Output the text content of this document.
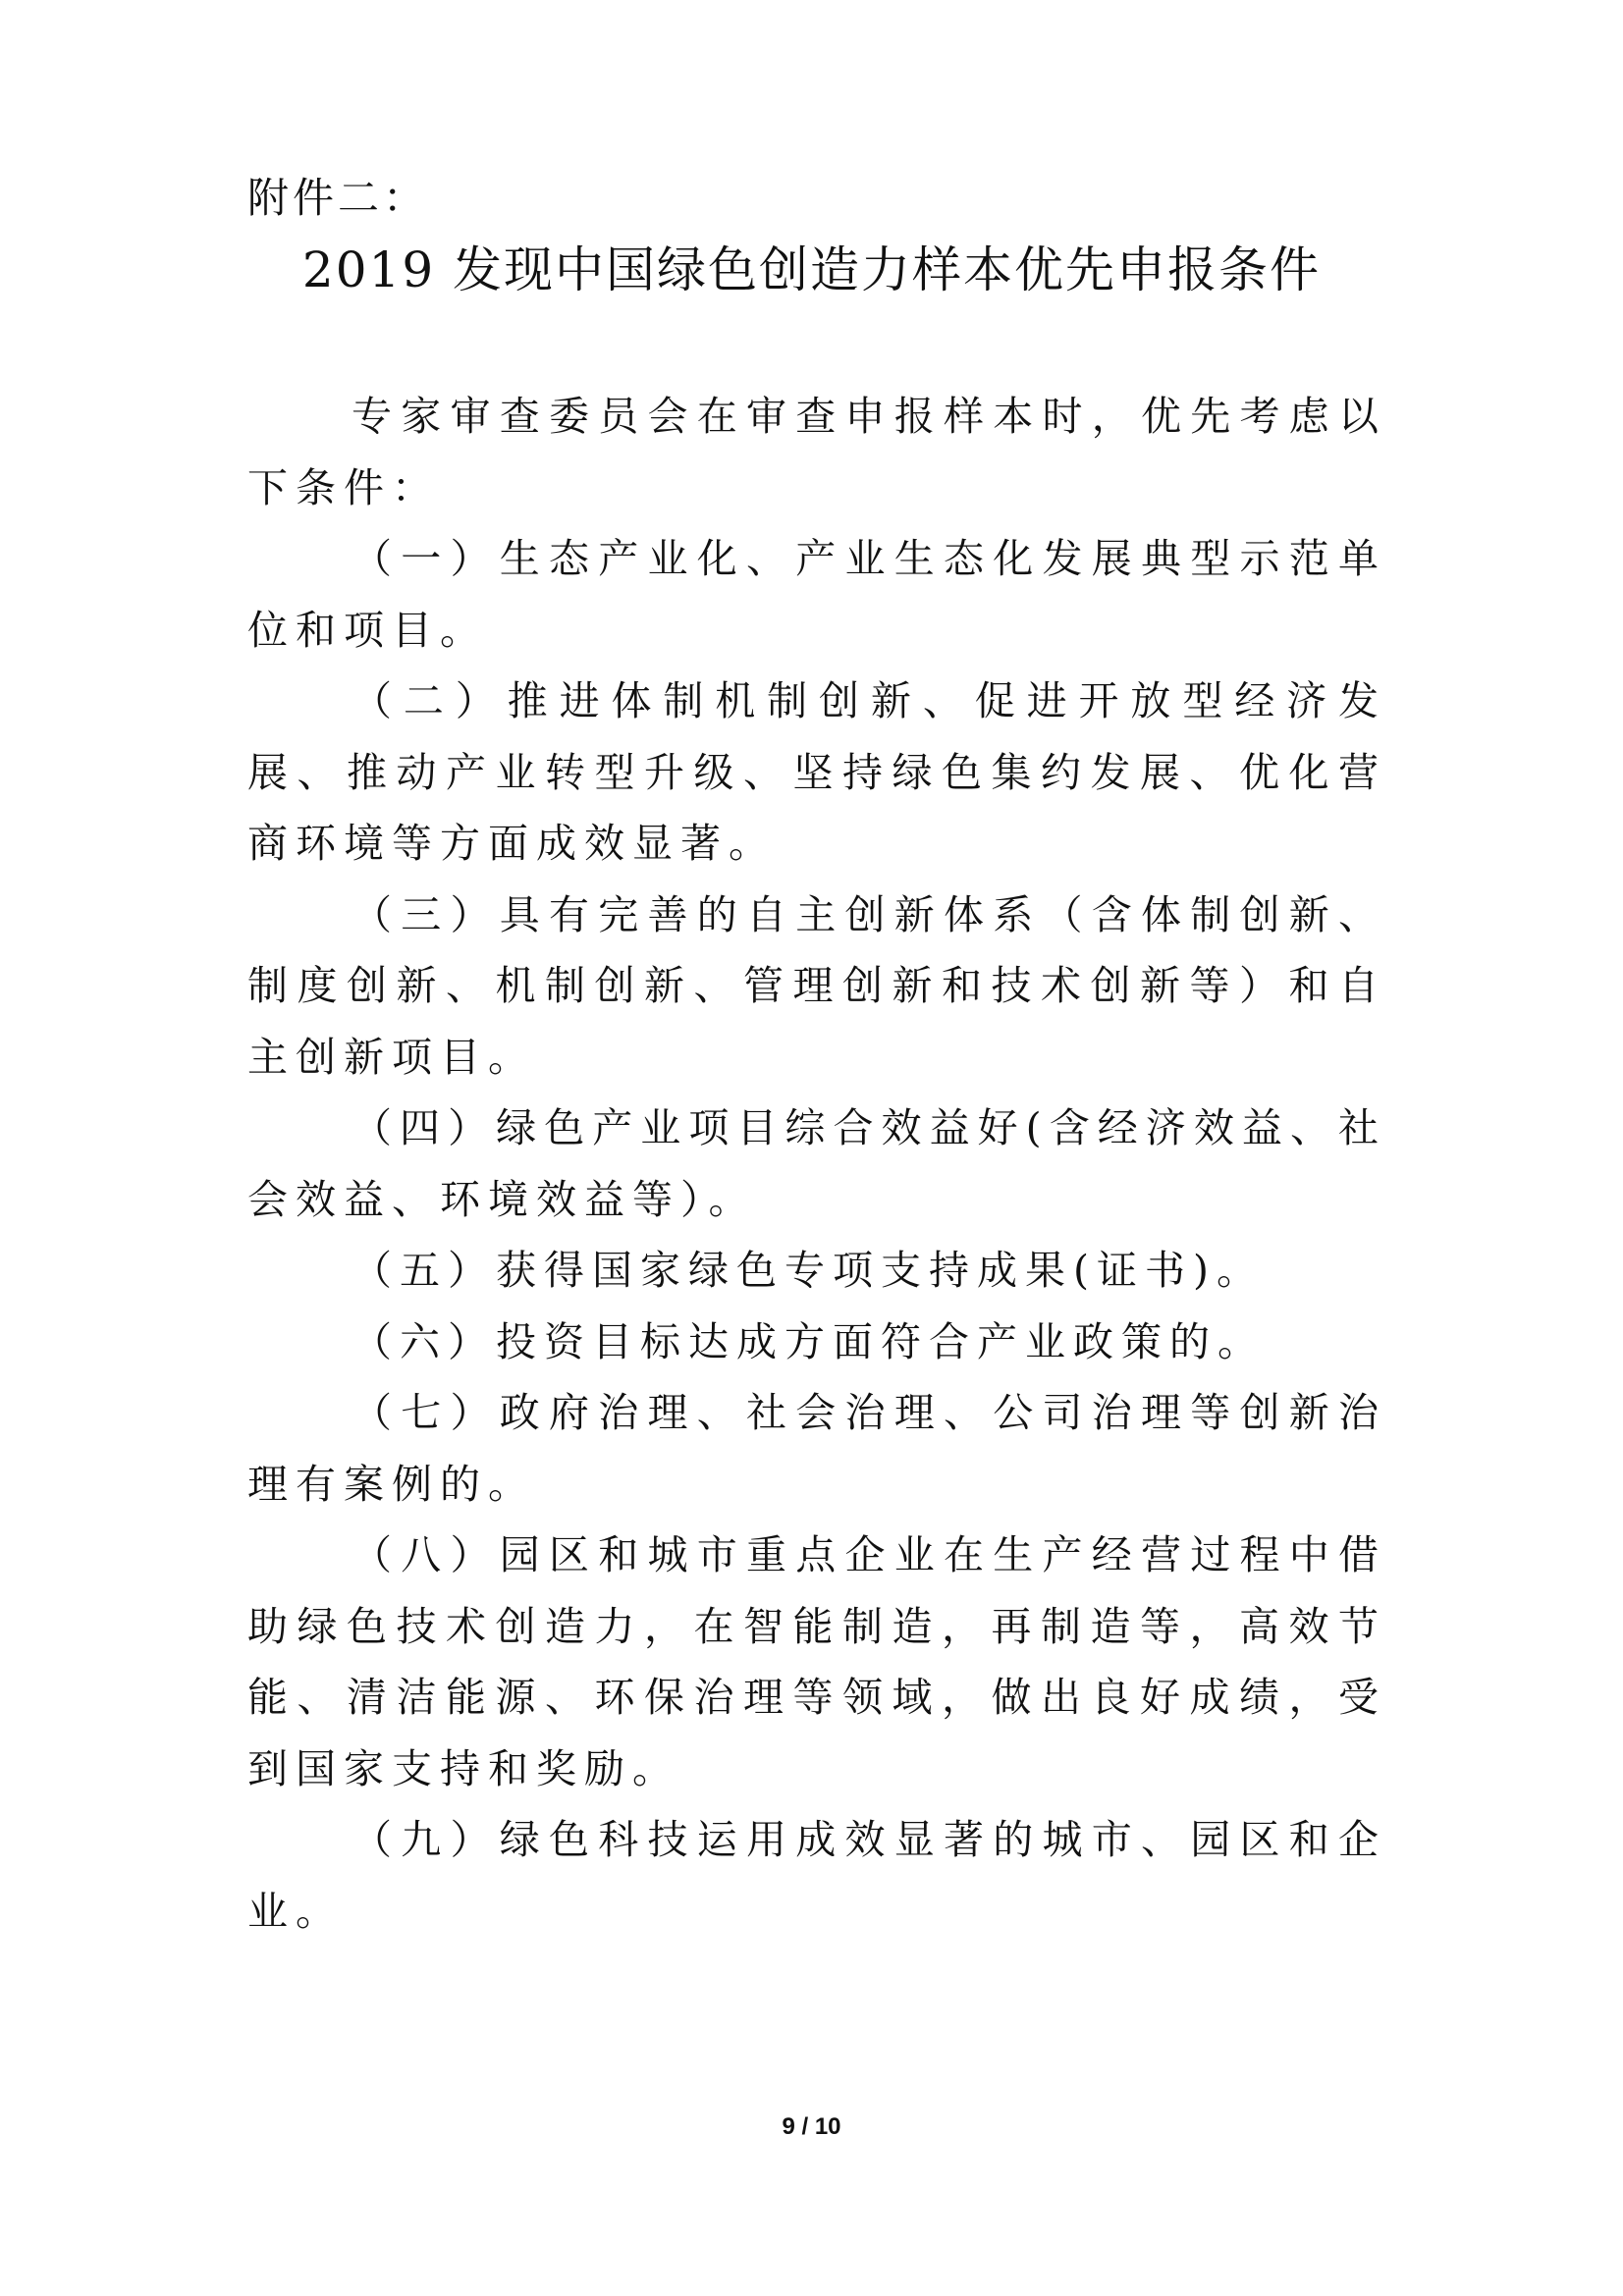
附件二：
2019 发现中国绿色创造力样本优先申报条件

专家审查委员会在审查申报样本时，优先考虑以下条件：

（一）生态产业化、产业生态化发展典型示范单位和项目。

（二）推进体制机制创新、促进开放型经济发展、推动产业转型升级、坚持绿色集约发展、优化营商环境等方面成效显著。

（三）具有完善的自主创新体系（含体制创新、制度创新、机制创新、管理创新和技术创新等）和自主创新项目。

（四）绿色产业项目综合效益好(含经济效益、社会效益、环境效益等）。

（五）获得国家绿色专项支持成果(证书)。

（六）投资目标达成方面符合产业政策的。

（七）政府治理、社会治理、公司治理等创新治理有案例的。

（八）园区和城市重点企业在生产经营过程中借助绿色技术创造力，在智能制造，再制造等，高效节能、清洁能源、环保治理等领域，做出良好成绩，受到国家支持和奖励。

（九）绿色科技运用成效显著的城市、园区和企业。

9 / 10
